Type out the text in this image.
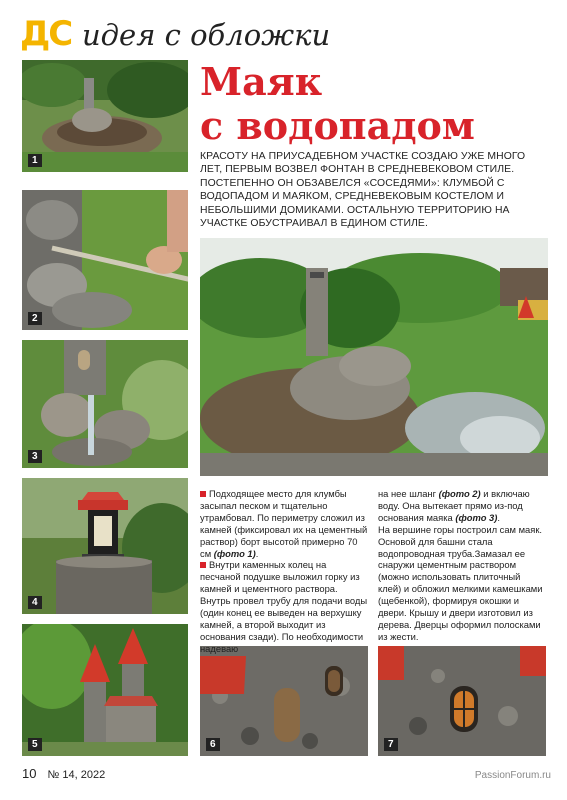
ДС идея с обложки
Маяк
с водопадом
1
2
3
4
5	6	7
КРАСОТУ НА ПРИУСАДЕБНОМ УЧАСТКЕ СОЗДАЮ УЖЕ МНОГО
ЛЕТ, ПЕРВЫМ ВОЗВЕЛ ФОНТАН В СРЕДНЕВЕКОВОМ СТИЛЕ.
ПОСТЕПЕННО ОН ОБЗАВЕЛСЯ «СОСЕДЯМИ»: КЛУМБОЙ С
ВОДОПАДОМ И МАЯКОМ, СРЕДНЕВЕКОВЫМ КОСТЕЛОМ И
НЕБОЛЬШИМИ ДОМИКАМИ. ОСТАЛЬНУЮ ТЕРРИТОРИЮ НА
УЧАСТКЕ ОБУСТРАИВАЛ В ЕДИНОМ СТИЛЕ.

Подходящее место для клумбы засыпал песком и тщательно утрамбовал. По периметру сложил из камней (фиксировал их на цементный раствор) борт высотой примерно 70 см (фото 1).

Внутри каменных колец на песчаной подушке выложил горку из камней и цементного раствора. Внутрь провел трубу для подачи воды (один конец ее выведен на верхушку камней, а второй выходит из основания сзади). По необходимости надеваю

на нее шланг (фото 2) и включаю воду. Она вытекает прямо из-под основания маяка (фото 3).

На вершине горы построил сам маяк. Основой для башни стала водопроводная труба.Замазал ее снаружи цементным раствором (можно использовать плиточный клей) и обложил мелкими камешками (щебенкой), формируя окошки и двери. Крышу и двери изготовил из дерева. Дверцы оформил полосками из жести.

10 № 14, 2022	PassionForum.ru
